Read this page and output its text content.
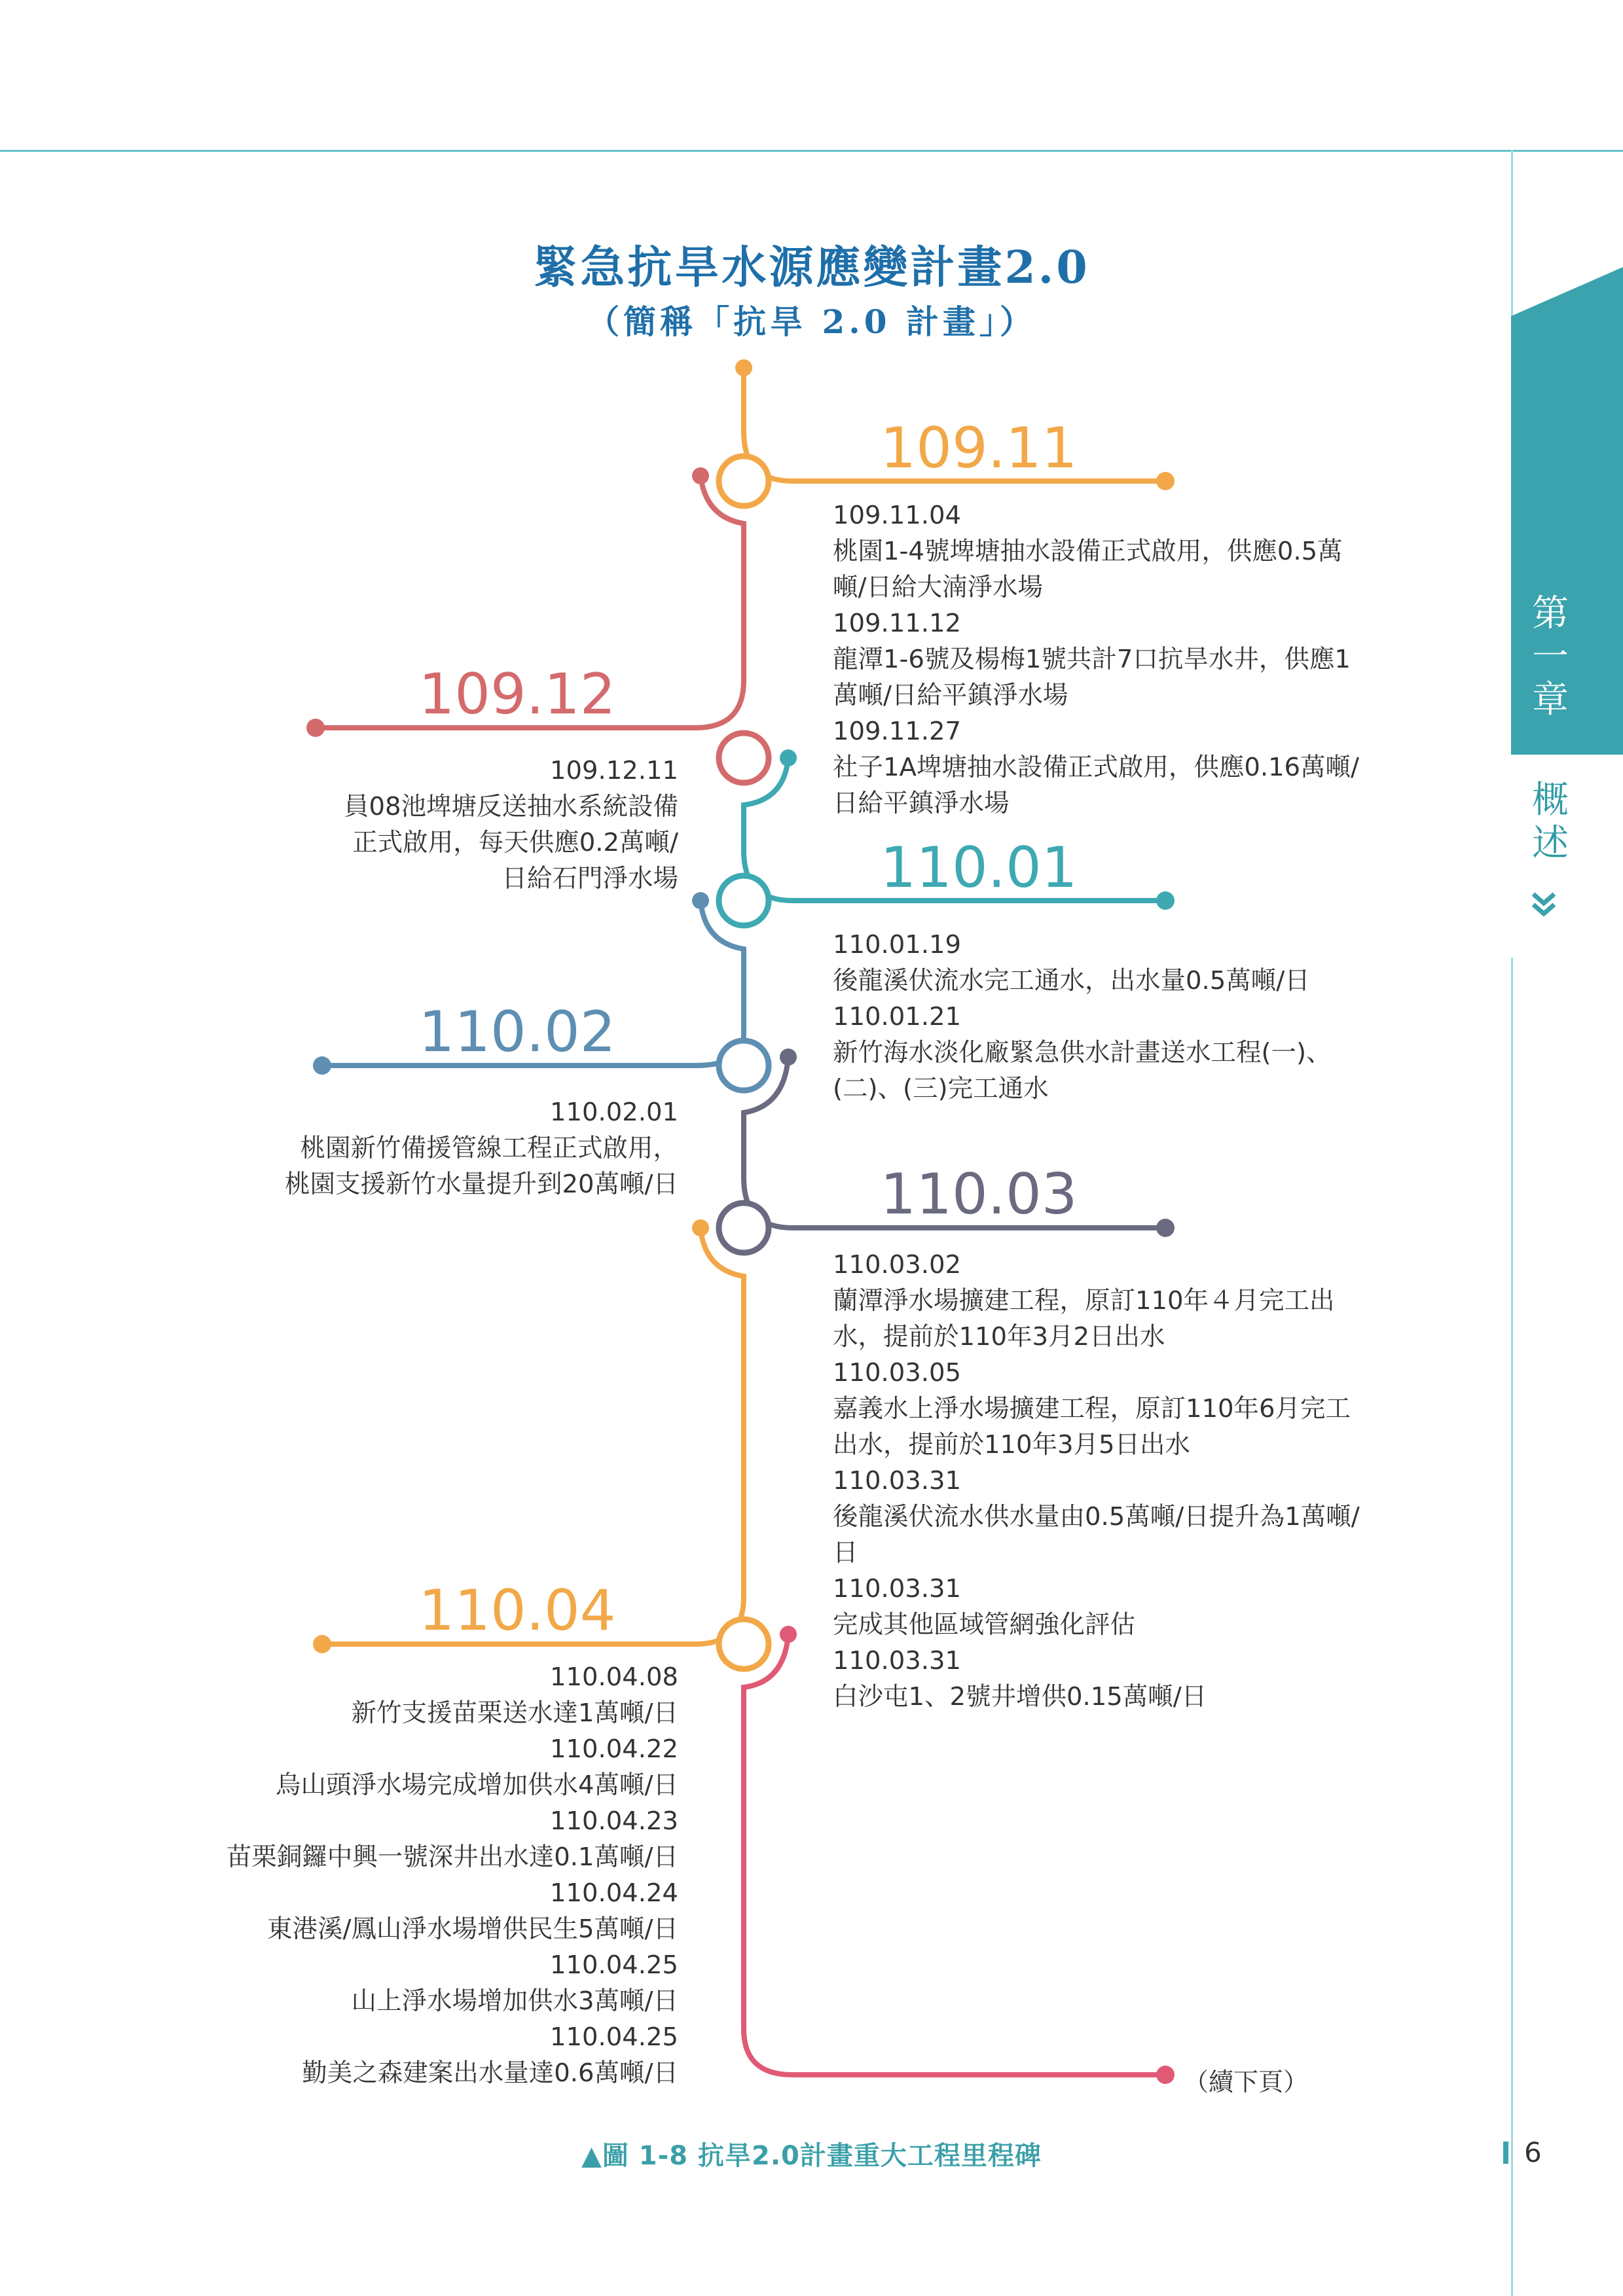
第
一
章
概
述
緊急抗旱水源應變計畫2.0
（簡稱「抗旱 2.0 計畫」）
109.11
109.12
110.01
110.02
110.03
110.04
109.11.04
桃園1-4號埤塘抽水設備正式啟用，供應0.5萬噸/日給大湳淨水場
109.11.12
龍潭1-6號及楊梅1號共計7口抗旱水井，供應1萬噸/日給平鎮淨水場
109.11.27
社子1A埤塘抽水設備正式啟用，供應0.16萬噸/日給平鎮淨水場
109.12.11
員08池埤塘反送抽水系統設備
正式啟用，每天供應0.2萬噸/
日給石門淨水場
110.01.19
後龍溪伏流水完工通水，出水量0.5萬噸/日
110.01.21
新竹海水淡化廠緊急供水計畫送水工程(一)、(二)、(三)完工通水
110.02.01
桃園新竹備援管線工程正式啟用，
桃園支援新竹水量提升到20萬噸/日
110.03.02
蘭潭淨水場擴建工程，原訂110年４月完工出水，提前於110年3月2日出水
110.03.05
嘉義水上淨水場擴建工程，原訂110年6月完工出水，提前於110年3月5日出水
110.03.31
後龍溪伏流水供水量由0.5萬噸/日提升為1萬噸/日
110.03.31
完成其他區域管網強化評估
110.03.31
白沙屯1、2號井增供0.15萬噸/日
110.04.08
新竹支援苗栗送水達1萬噸/日
110.04.22
烏山頭淨水場完成增加供水4萬噸/日
110.04.23
苗栗銅鑼中興一號深井出水達0.1萬噸/日
110.04.24
東港溪/鳳山淨水場增供民生5萬噸/日
110.04.25
山上淨水場增加供水3萬噸/日
110.04.25
勤美之森建案出水量達0.6萬噸/日	（續下頁）
▲圖 1-8 抗旱2.0計畫重大工程里程碑	6
